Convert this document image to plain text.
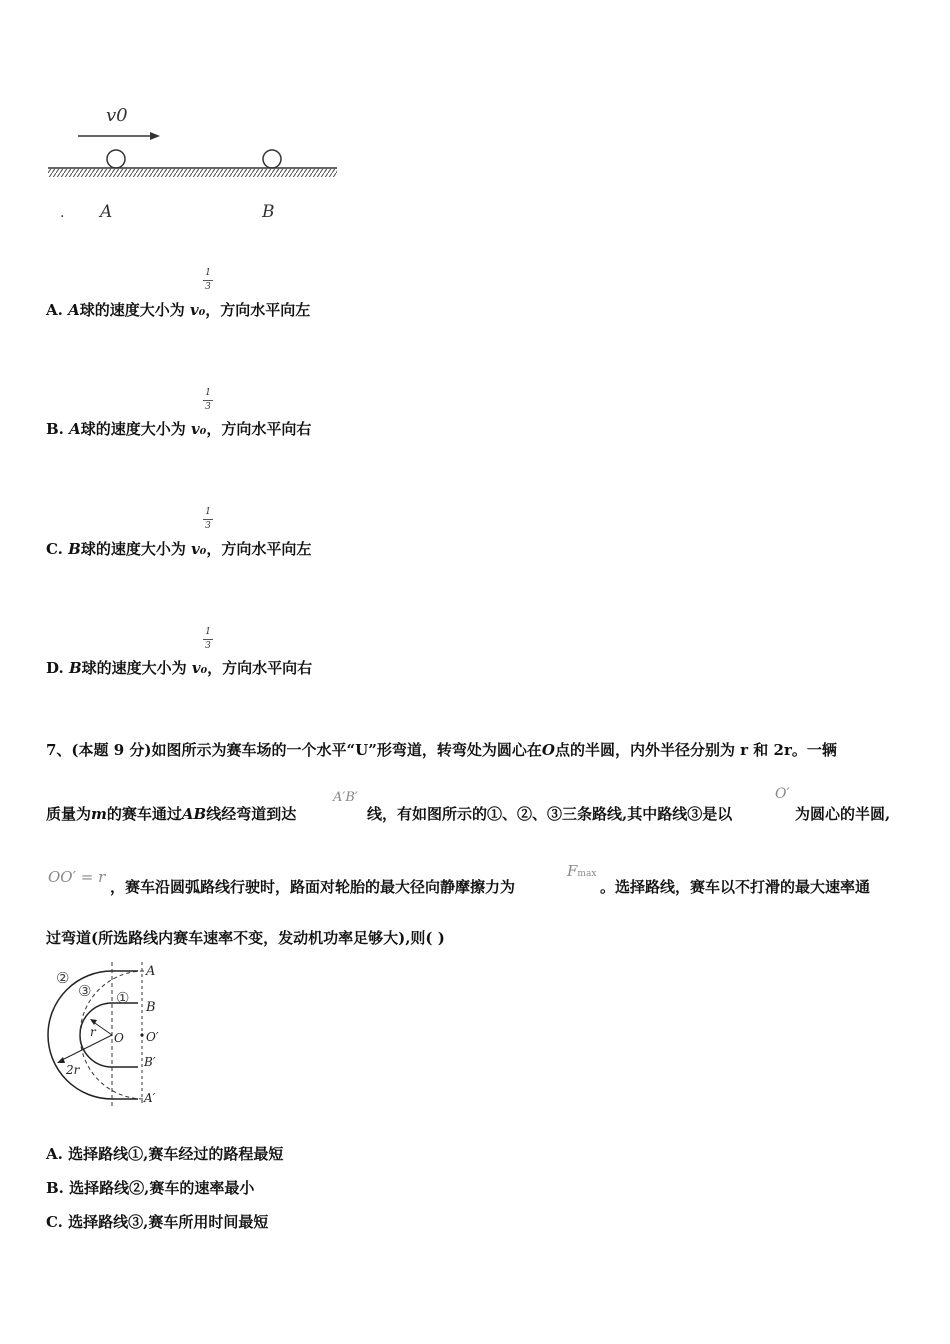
v0
. A	B
1
3
A. A球的速度大小为 v₀，方向水平向左
1
3
B. A球的速度大小为 v₀，方向水平向右
1
3
C. B球的速度大小为 v₀，方向水平向左
1
3
D. B球的速度大小为 v₀，方向水平向右
7、(本题 9 分)如图所示为赛车场的一个水平“U”形弯道，转弯处为圆心在O点的半圆，内外半径分别为 r 和 2r。一辆
质量为m的赛车通过AB线经弯道到达
A′B′
线，有如图所示的①、②、③三条路线,其中路线③是以
O′
为圆心的半圆,
OO′ = r
，赛车沿圆弧路线行驶时，路面对轮胎的最大径向静摩擦力为
Fmax
。选择路线，赛车以不打滑的最大速率通
过弯道(所选路线内赛车速率不变，发动机功率足够大),则( )
A
B
O O′
B′
A′
r
2r
②
③ ①
A. 选择路线①,赛车经过的路程最短
B. 选择路线②,赛车的速率最小
C. 选择路线③,赛车所用时间最短
